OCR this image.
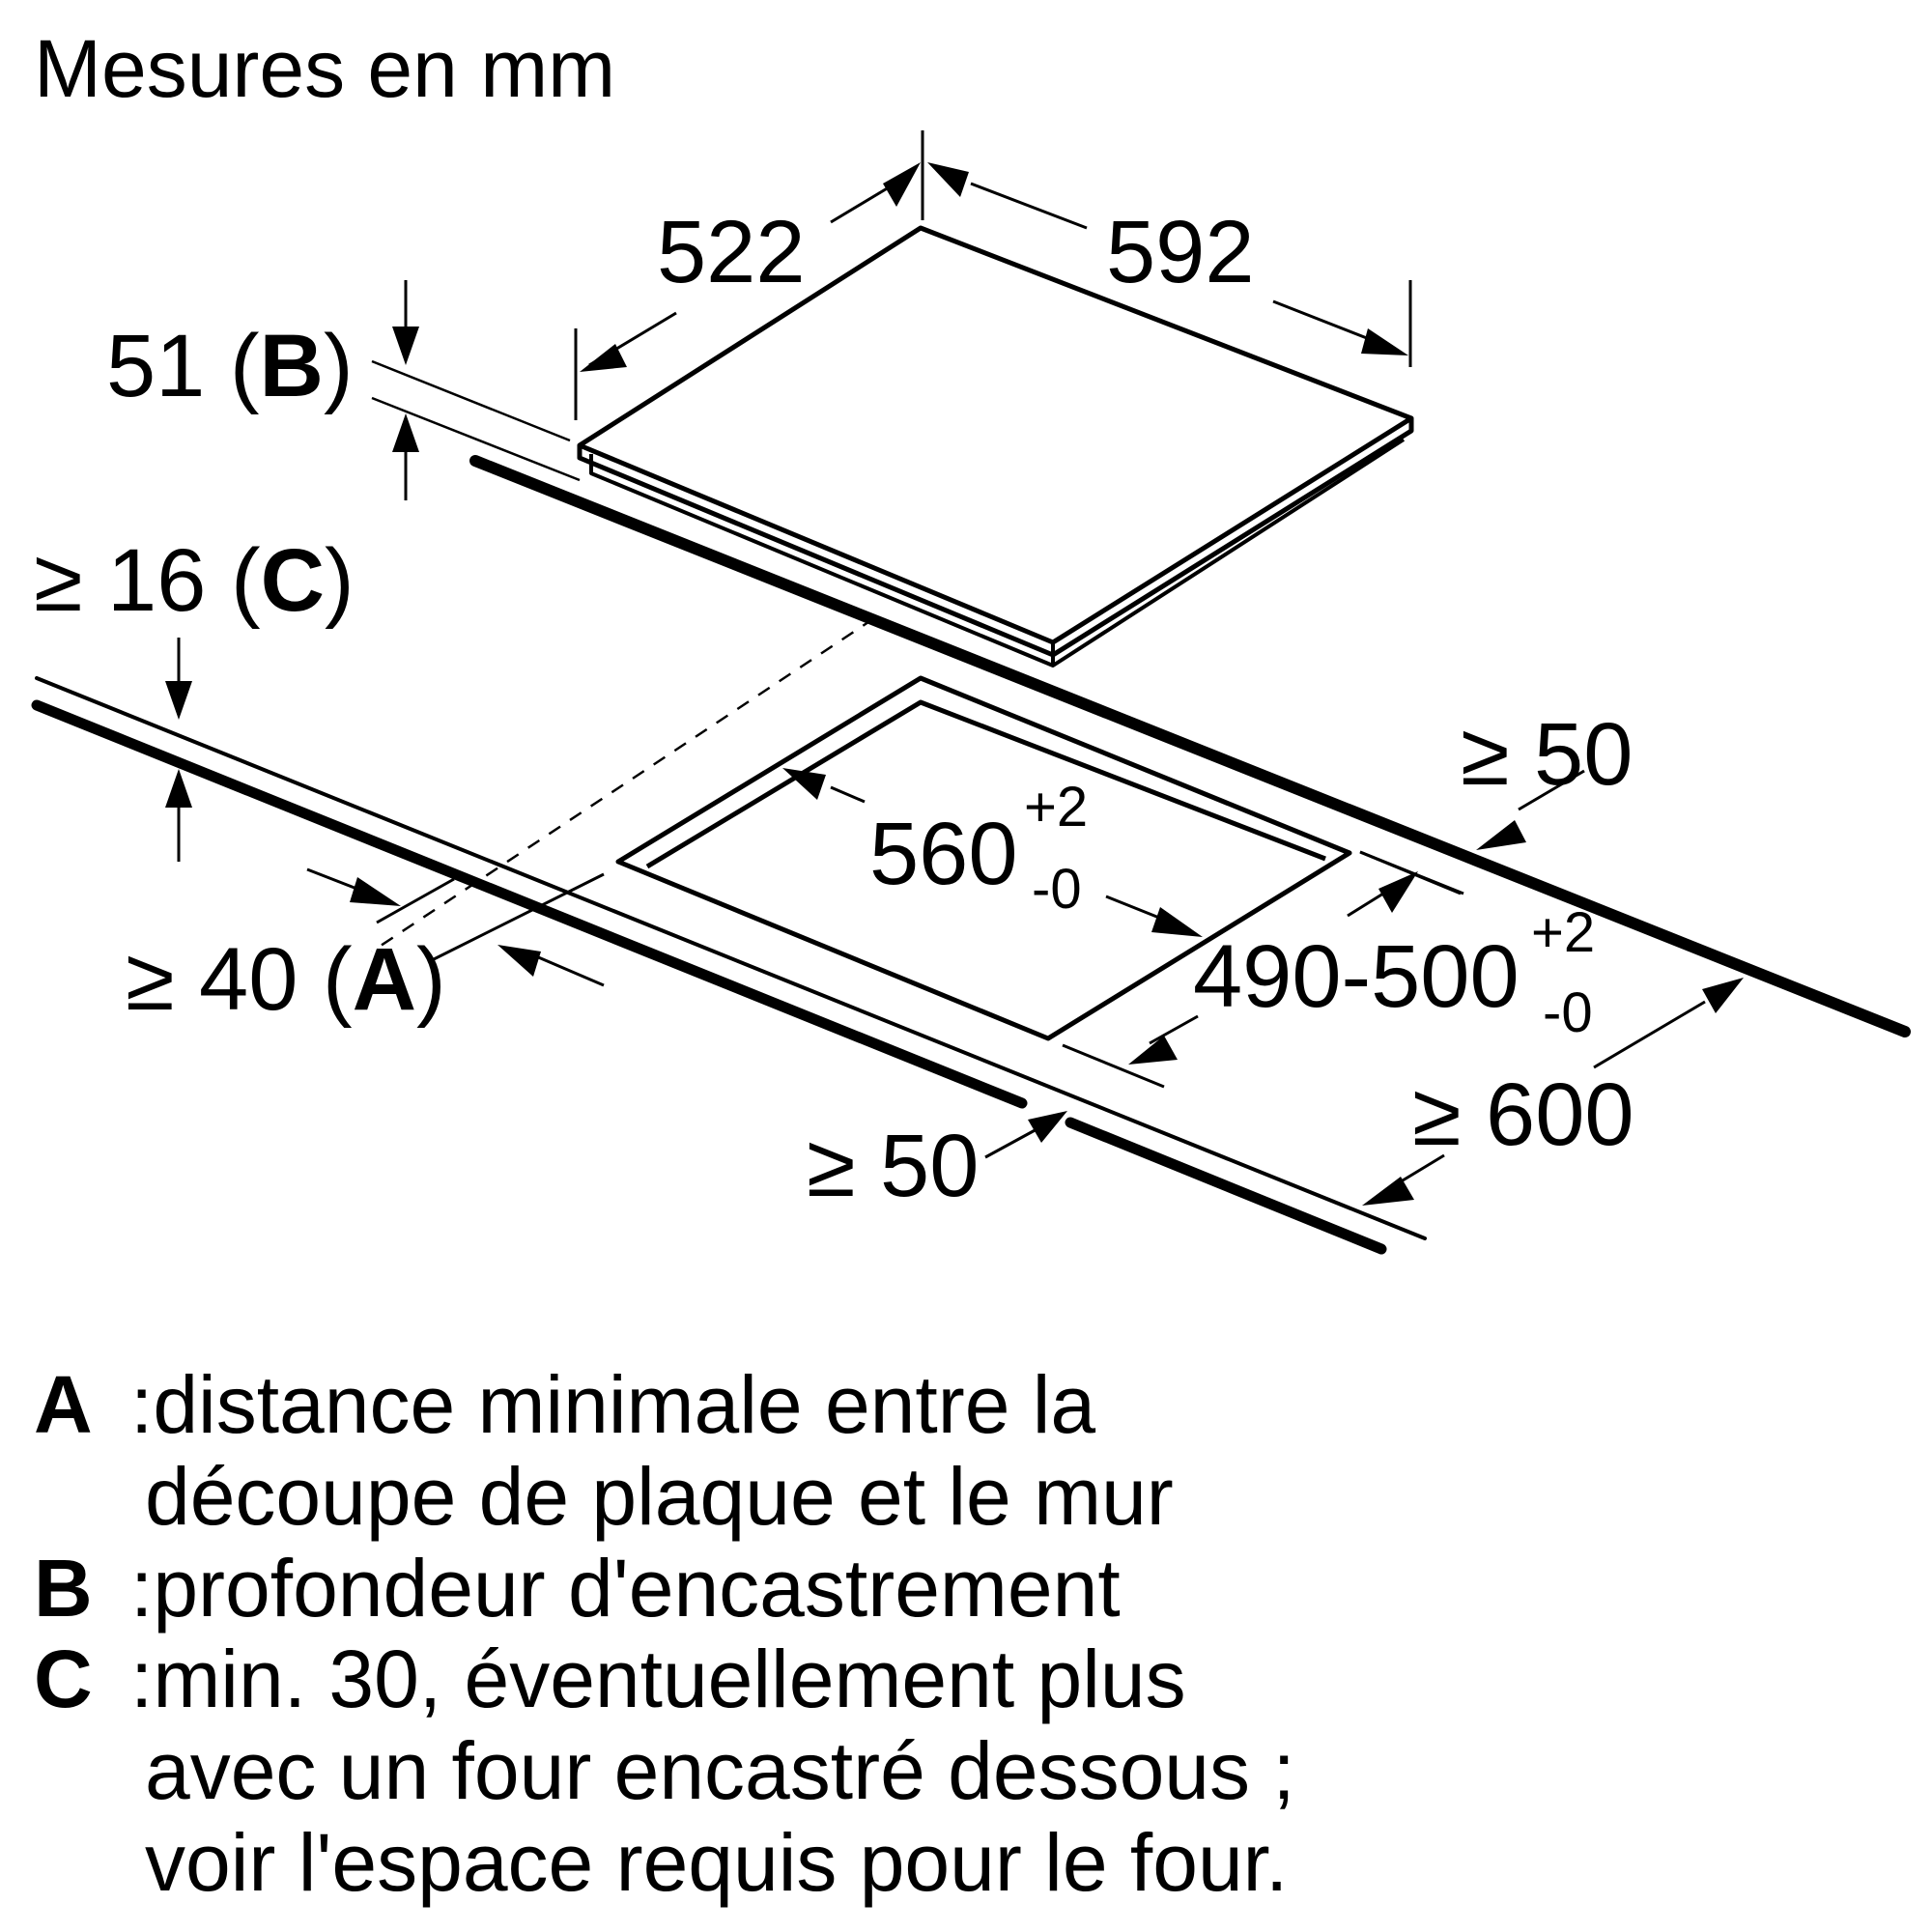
Mesures en mm
522	592
51 (B)
≥ 50
560 +2
-0
490-500 +2
-0
≥ 16 (C)
≥ 40 (A)
≥ 50
≥ 600
A :distance minimale entre la
découpe de plaque et le mur
B :profondeur d'encastrement
C :min. 30, éventuellement plus
avec un four encastré dessous ;
voir l'espace requis pour le four.
